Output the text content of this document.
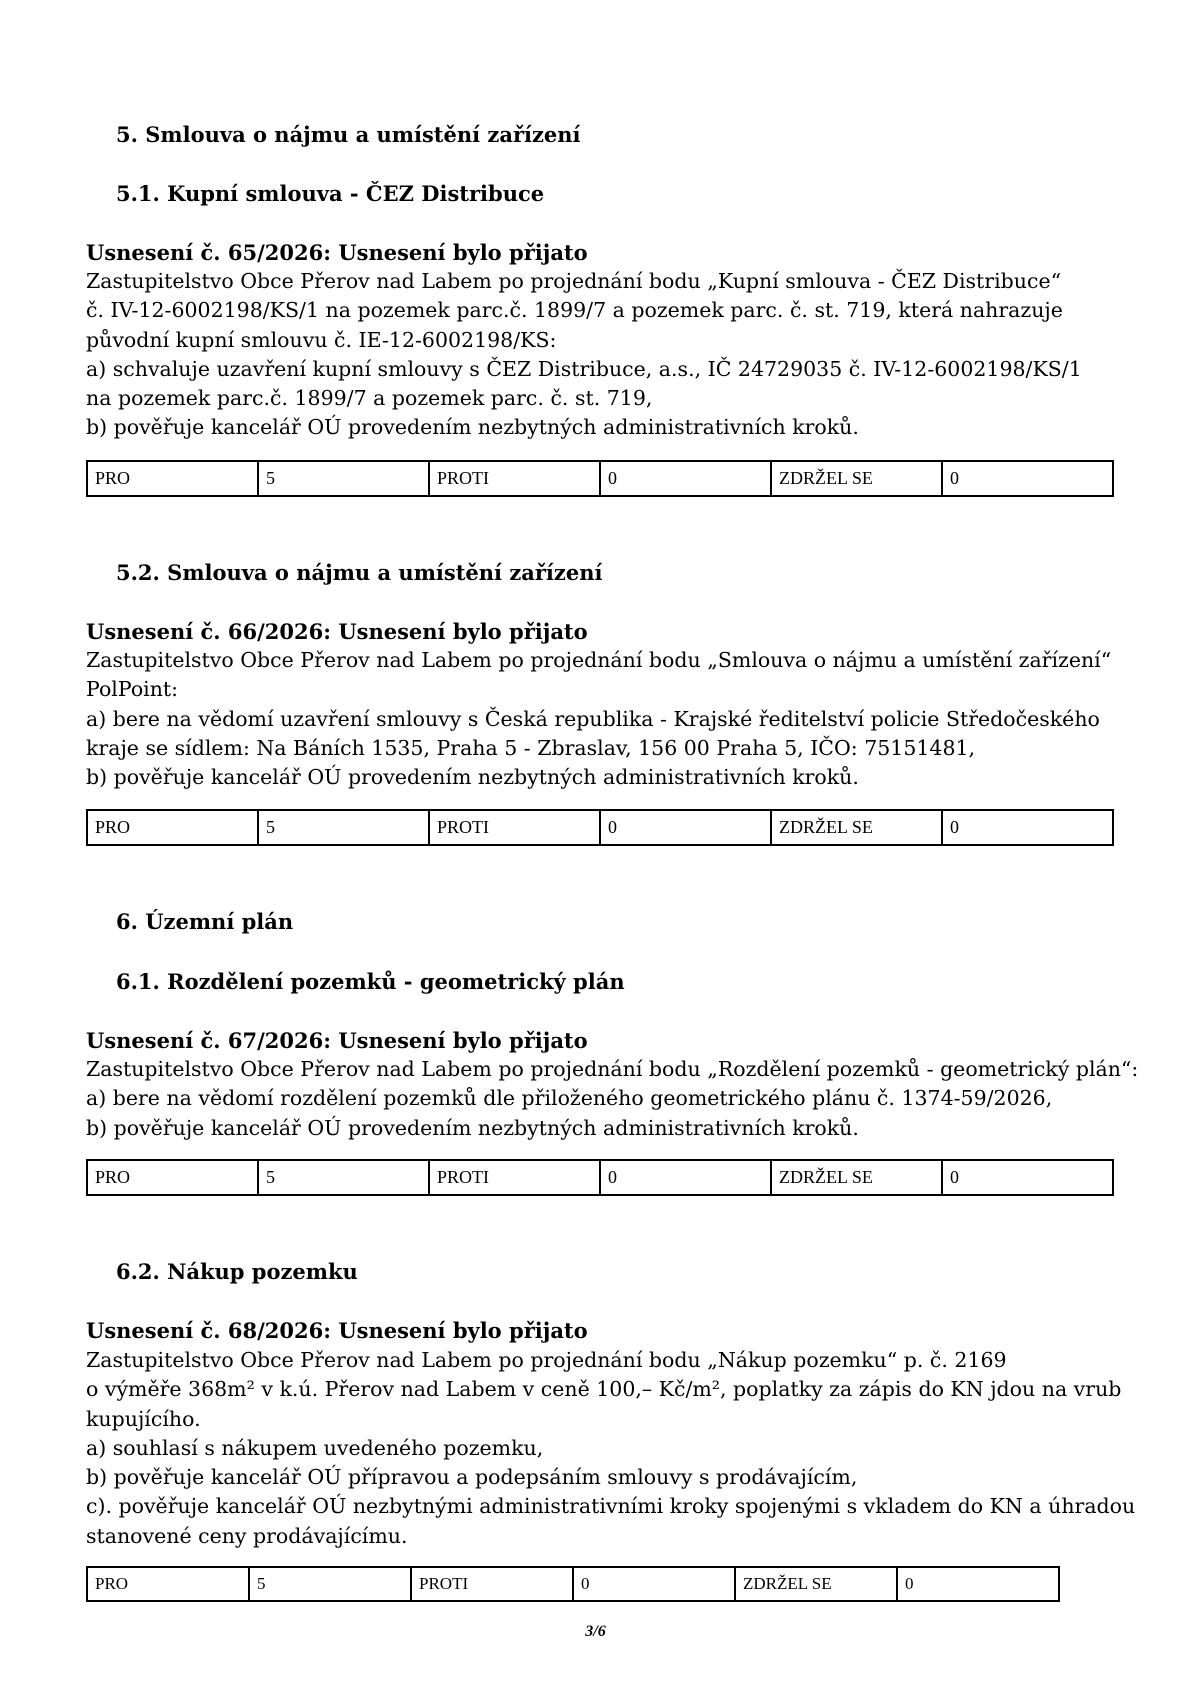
5. Smlouva o nájmu a umístění zařízení
5.1. Kupní smlouva - ČEZ Distribuce
Usnesení č. 65/2026: Usnesení bylo přijato
Zastupitelstvo Obce Přerov nad Labem po projednání bodu „Kupní smlouva - ČEZ Distribuce“
č. IV-12-6002198/KS/1 na pozemek parc.č. 1899/7 a pozemek parc. č. st. 719, která nahrazuje
původní kupní smlouvu č. IE-12-6002198/KS:
a) schvaluje uzavření kupní smlouvy s ČEZ Distribuce, a.s., IČ 24729035 č. IV-12-6002198/KS/1
na pozemek parc.č. 1899/7 a pozemek parc. č. st. 719,
b) pověřuje kancelář OÚ provedením nezbytných administrativních kroků.
PRO	5	PROTI	0	ZDRŽEL SE	0
5.2. Smlouva o nájmu a umístění zařízení
Usnesení č. 66/2026: Usnesení bylo přijato
Zastupitelstvo Obce Přerov nad Labem po projednání bodu „Smlouva o nájmu a umístění zařízení“
PolPoint:
a) bere na vědomí uzavření smlouvy s Česká republika - Krajské ředitelství policie Středočeského
kraje se sídlem: Na Báních 1535, Praha 5 - Zbraslav, 156 00 Praha 5, IČO: 75151481,
b) pověřuje kancelář OÚ provedením nezbytných administrativních kroků.
PRO	5	PROTI	0	ZDRŽEL SE	0
6. Územní plán
6.1. Rozdělení pozemků - geometrický plán
Usnesení č. 67/2026: Usnesení bylo přijato
Zastupitelstvo Obce Přerov nad Labem po projednání bodu „Rozdělení pozemků - geometrický plán“:
a) bere na vědomí rozdělení pozemků dle přiloženého geometrického plánu č. 1374-59/2026,
b) pověřuje kancelář OÚ provedením nezbytných administrativních kroků.
PRO	5	PROTI	0	ZDRŽEL SE	0
6.2. Nákup pozemku
Usnesení č. 68/2026: Usnesení bylo přijato
Zastupitelstvo Obce Přerov nad Labem po projednání bodu „Nákup pozemku“ p. č. 2169
o výměře 368m² v k.ú. Přerov nad Labem v ceně 100,– Kč/m², poplatky za zápis do KN jdou na vrub
kupujícího.
a) souhlasí s nákupem uvedeného pozemku,
b) pověřuje kancelář OÚ přípravou a podepsáním smlouvy s prodávajícím,
c). pověřuje kancelář OÚ nezbytnými administrativními kroky spojenými s vkladem do KN a úhradou
stanovené ceny prodávajícímu.
PRO	5	PROTI	0	ZDRŽEL SE	0
3/6
